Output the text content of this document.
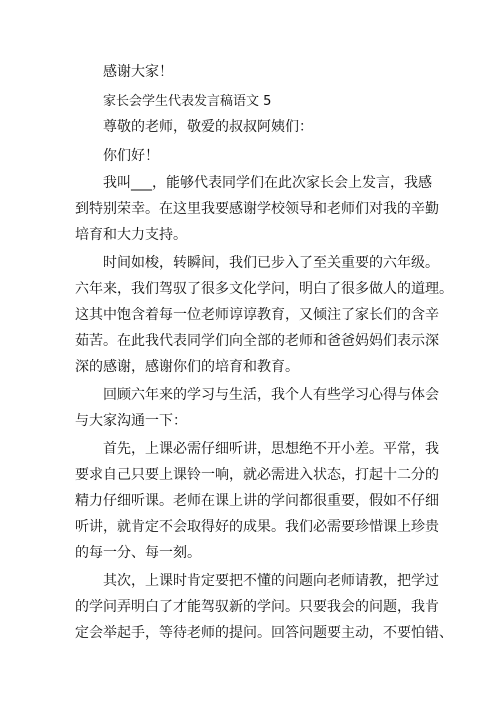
感谢大家！
家长会学生代表发言稿语文 5
尊敬的老师，敬爱的叔叔阿姨们：
你们好！
我叫___，能够代表同学们在此次家长会上发言，我感
到特别荣幸。在这里我要感谢学校领导和老师们对我的辛勤
培育和大力支持。
时间如梭，转瞬间，我们已步入了至关重要的六年级。
六年来，我们驾驭了很多文化学问，明白了很多做人的道理。
这其中饱含着每一位老师谆谆教育，又倾注了家长们的含辛
茹苦。在此我代表同学们向全部的老师和爸爸妈妈们表示深
深的感谢，感谢你们的培育和教育。
回顾六年来的学习与生活，我个人有些学习心得与体会
与大家沟通一下：
首先，上课必需仔细听讲，思想绝不开小差。平常，我
要求自己只要上课铃一响，就必需进入状态，打起十二分的
精力仔细听课。老师在课上讲的学问都很重要，假如不仔细
听讲，就肯定不会取得好的成果。我们必需要珍惜课上珍贵
的每一分、每一刻。
其次，上课时肯定要把不懂的问题向老师请教，把学过
的学问弄明白了才能驾驭新的学问。只要我会的问题，我肯
定会举起手，等待老师的提问。回答问题要主动，不要怕错、
